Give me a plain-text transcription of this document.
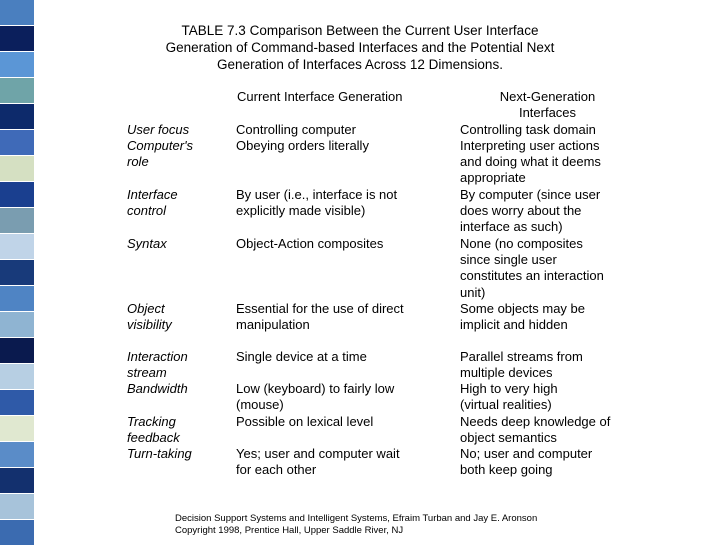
TABLE 7.3 Comparison Between the Current User Interface
Generation of Command-based Interfaces and the Potential Next
Generation of Interfaces Across 12 Dimensions.
Current Interface Generation	Next-Generation
Interfaces
User focus
Computer's
role
Interface
control
Syntax
Object
visibility
Interaction
stream
Bandwidth
Tracking
feedback
Turn-taking
Controlling computer
Obeying orders literally
By user (i.e., interface is not
explicitly made visible)
Object-Action composites
Essential for the use of direct
manipulation
Single device at a time
Low (keyboard) to fairly low
(mouse)
Possible on lexical level
Yes; user and computer wait
for each other
Controlling task domain
Interpreting user actions
and doing what it deems
appropriate
By computer (since user
does worry about the
interface as such)
None (no composites
since single user
constitutes an interaction
unit)
Some objects may be
implicit and hidden
Parallel streams from
multiple devices
High to very high
(virtual realities)
Needs deep knowledge of
object semantics
No; user and computer
both keep going
Decision Support Systems and Intelligent Systems, Efraim Turban and Jay E. Aronson
Copyright 1998, Prentice Hall, Upper Saddle River, NJ
